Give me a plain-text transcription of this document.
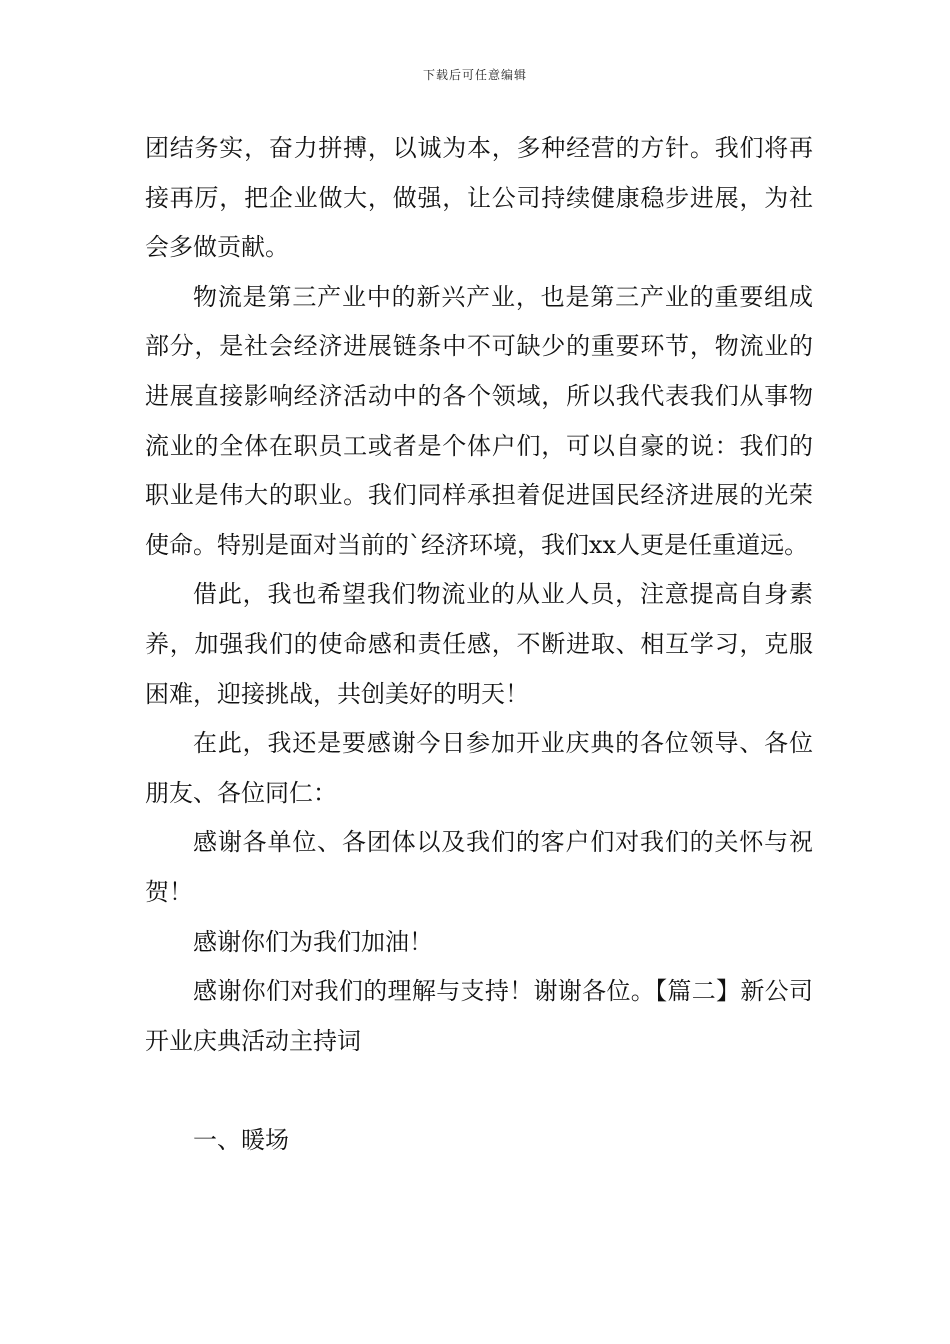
下载后可任意编辑

团结务实，奋力拼搏，以诚为本，多种经营的方针。我们将再接再厉，把企业做大，做强，让公司持续健康稳步进展，为社会多做贡献。

物流是第三产业中的新兴产业，也是第三产业的重要组成部分，是社会经济进展链条中不可缺少的重要环节，物流业的进展直接影响经济活动中的各个领域，所以我代表我们从事物流业的全体在职员工或者是个体户们，可以自豪的说：我们的职业是伟大的职业。我们同样承担着促进国民经济进展的光荣使命。特别是面对当前的`经济环境，我们xx人更是任重道远。

借此，我也希望我们物流业的从业人员，注意提高自身素养，加强我们的使命感和责任感，不断进取、相互学习，克服困难，迎接挑战，共创美好的明天！

在此，我还是要感谢今日参加开业庆典的各位领导、各位朋友、各位同仁：

感谢各单位、各团体以及我们的客户们对我们的关怀与祝贺！

感谢你们为我们加油！

感谢你们对我们的理解与支持！谢谢各位。【篇二】新公司开业庆典活动主持词

一、暖场
